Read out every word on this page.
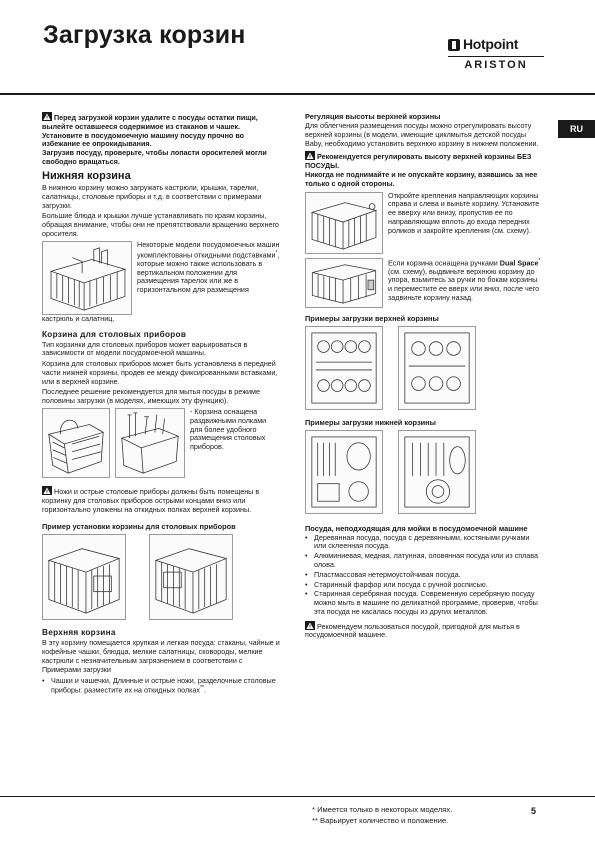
Загрузка корзин	Hotpoint
ARISTON
RU
Перед загрузкой корзин удалите с посуды остатки пищи, вылейте оставшееся содержимое из стаканов и чашек.
Установите в посудомоечную машину посуду прочно во избежание ее опрокидывания.
Загрузив посуду, проверьте, чтобы лопасти оросителей могли свободно вращаться.
Нижняя корзина
В нижнюю корзину можно загружать кастрюли, крышки, тарелки, салатницы, столовые приборы и т.д. в соответствии с примерами загрузки.
Большие блюда и крышки лучше устанавливать по краям корзины, обращая внимание, чтобы они не препятствовали вращению верхнего оросителя.
Некоторые модели посудомоечных машин укомплектованы откидными подставками*, которые можно также использовать в вертикальном положении для размещения тарелок или же в горизонтальном для размещения
кастрюль и салатниц.
Корзина для столовых приборов
Тип корзинки для столовых приборов может варьироваться в зависимости от модели посудомоечной машины.
Корзина для столовых приборов может быть установлена в передней части нижней корзины, продев ее между фиксированными вставками, или в верхней корзине.
Последнее решение рекомендуется для мытья посуды в режиме половины загрузки (в моделях, имеющих эту функцию).
- Корзина оснащена раздвижными полками для более удобного размещения столовых приборов.
Ножи и острые столовые приборы должны быть помещены в корзинку для столовых приборов острыми концами вниз или горизонтально уложены на откидных полках верхней корзины.
Пример установки корзины для столовых приборов
Верхняя корзина
В эту корзину помещается хрупкая и легкая посуда: стаканы, чайные и кофейные чашки, блюдца, мелкие салатницы, сковороды, мелкие кастрюли с незначительным загрязнением в соответствии с Примерами загрузки
• Чашки и чашечки, Длинные и острые ножи, разделочные столовые приборы: разместите их на откидных полках**.
Регуляция высоты верхней корзины
Для облегчения размещения посуды можно отрегулировать высоту верхней корзины (в модели, имеющие циклмытья детской посуды Baby, необходимо установить верхнюю корзину в нижнем положении.
Рекомендуется регулировать высоту верхней корзины БЕЗ ПОСУДЫ.
Никогда не поднимайте и не опускайте корзину, взявшись за нее только с одной стороны.
Откройте крепления направляющих корзины справа и слева и выньте корзину. Установите ее вверху или внизу, пропустив ее по направляющим вплоть до входа передних роликов и закройте крепления (см. схему).
Если корзина оснащена ручками Dual Space* (см. схему), выдвиньте верхнюю корзину до упора, взьмитесь за ручки по бокам корзины и переместите ее вверх или вниз, после чего задвиньте корзину назад.
Примеры загрузки верхней корзины
Примеры загрузки нижней корзины
Посуда, неподходящая для мойки в посудомоечной машине
• Деревянная посуда, посуда с деревянными, костяными ручками или склеенная посуда.
• Алюминиевая, медная, латунная, оловянная посуда или из сплава олова.
• Пластмассовая нетермоустойчивая посуда.
• Старинный фарфор или посуда с ручной росписью.
• Старинная серебряная посуда. Современную серебряную посуду можно мыть в машине по деликатной программе, проверив, чтобы эта посуда не касалась посуды из других металлов.
Рекомендуем пользоваться посудой, пригодной для мытья в посудомоечной машине.
* Имеется только в некоторых моделях.
** Варьирует количество и положение.
5
